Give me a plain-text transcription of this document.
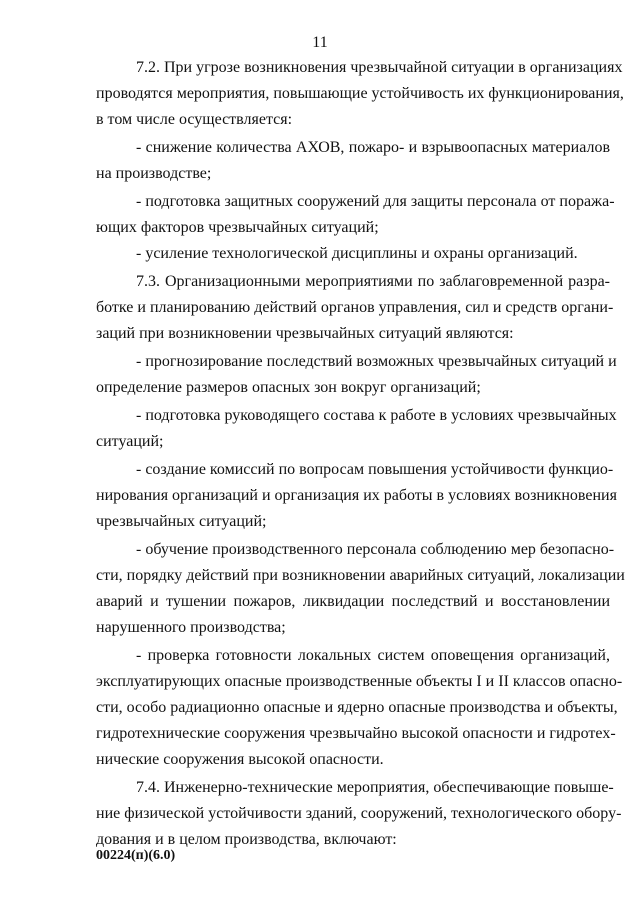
11
7.2. При угрозе возникновения чрезвычайной ситуации в организациях
проводятся мероприятия, повышающие устойчивость их функционирования,
в том числе осуществляется:
- снижение количества АХОВ, пожаро- и взрывоопасных материалов
на производстве;
- подготовка защитных сооружений для защиты персонала от поража-
ющих факторов чрезвычайных ситуаций;
- усиление технологической дисциплины и охраны организаций.
7.3. Организационными мероприятиями по заблаговременной разра-
ботке и планированию действий органов управления, сил и средств органи-
заций при возникновении чрезвычайных ситуаций являются:
- прогнозирование последствий возможных чрезвычайных ситуаций и
определение размеров опасных зон вокруг организаций;
- подготовка руководящего состава к работе в условиях чрезвычайных
ситуаций;
- создание комиссий по вопросам повышения устойчивости функцио-
нирования организаций и организация их работы в условиях возникновения
чрезвычайных ситуаций;
- обучение производственного персонала соблюдению мер безопасно-
сти, порядку действий при возникновении аварийных ситуаций, локализации
аварий и тушении пожаров, ликвидации последствий и восстановлении
нарушенного производства;
- проверка готовности локальных систем оповещения организаций,
эксплуатирующих опасные производственные объекты I и II классов опасно-
сти, особо радиационно опасные и ядерно опасные производства и объекты,
гидротехнические сооружения чрезвычайно высокой опасности и гидротех-
нические сооружения высокой опасности.
7.4. Инженерно-технические мероприятия, обеспечивающие повыше-
ние физической устойчивости зданий, сооружений, технологического обору-
дования и в целом производства, включают:
00224(п)(6.0)
